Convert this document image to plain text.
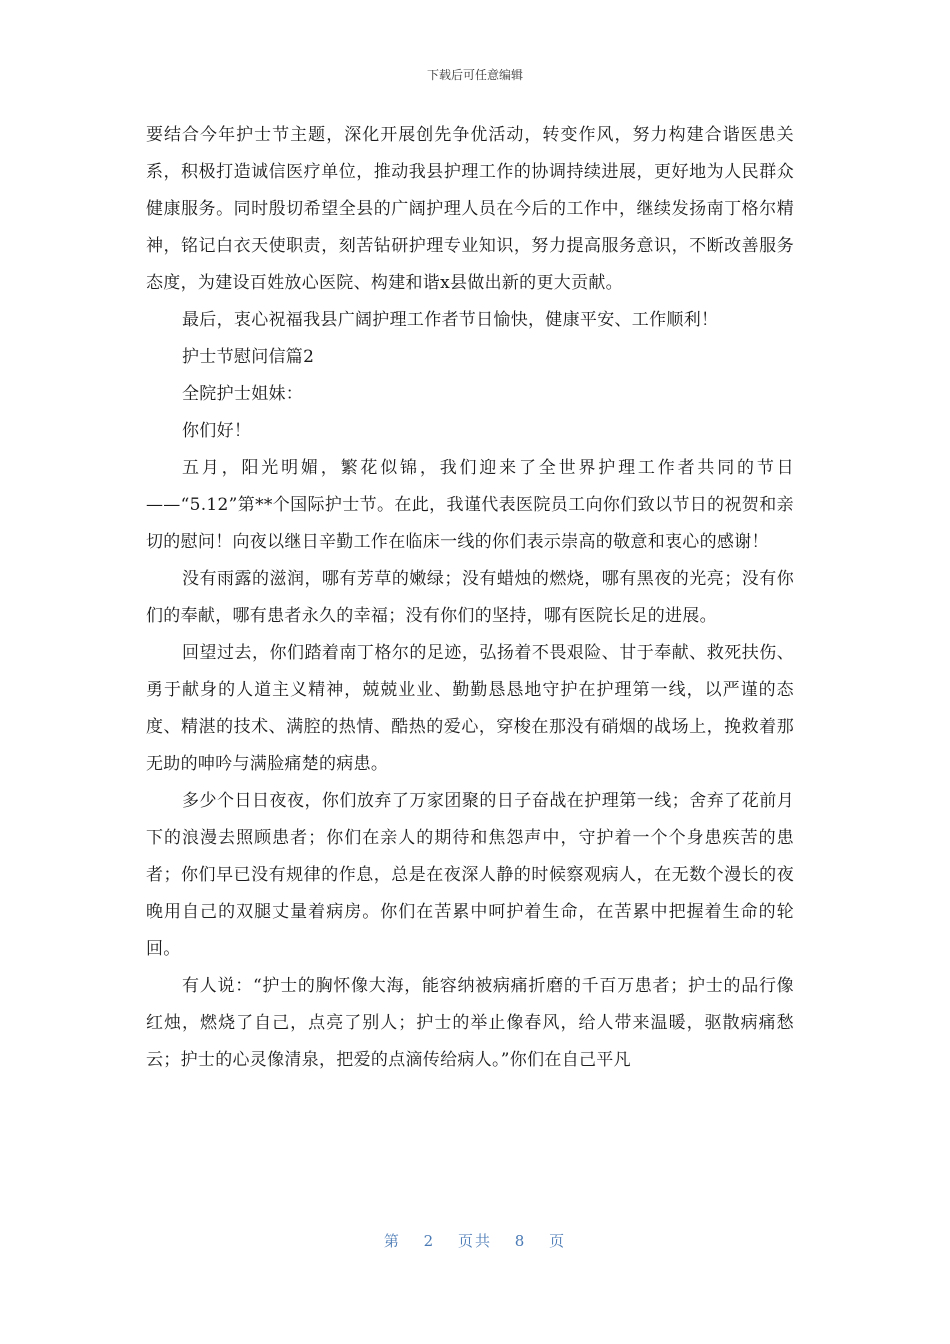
下载后可任意编辑

要结合今年护士节主题，深化开展创先争优活动，转变作风，努力构建合谐医患关系，积极打造诚信医疗单位，推动我县护理工作的协调持续进展，更好地为人民群众健康服务。同时殷切希望全县的广阔护理人员在今后的工作中，继续发扬南丁格尔精神，铭记白衣天使职责，刻苦钻研护理专业知识，努力提高服务意识，不断改善服务态度，为建设百姓放心医院、构建和谐x县做出新的更大贡献。

最后，衷心祝福我县广阔护理工作者节日愉快，健康平安、工作顺利！

护士节慰问信篇2

全院护士姐妹：

你们好！

五月，阳光明媚，繁花似锦，我们迎来了全世界护理工作者共同的节日——“5.12”第**个国际护士节。在此，我谨代表医院员工向你们致以节日的祝贺和亲切的慰问！向夜以继日辛勤工作在临床一线的你们表示崇高的敬意和衷心的感谢！

没有雨露的滋润，哪有芳草的嫩绿；没有蜡烛的燃烧，哪有黑夜的光亮；没有你们的奉献，哪有患者永久的幸福；没有你们的坚持，哪有医院长足的进展。

回望过去，你们踏着南丁格尔的足迹，弘扬着不畏艰险、甘于奉献、救死扶伤、勇于献身的人道主义精神，兢兢业业、勤勤恳恳地守护在护理第一线，以严谨的态度、精湛的技术、满腔的热情、酷热的爱心，穿梭在那没有硝烟的战场上，挽救着那无助的呻吟与满脸痛楚的病患。

多少个日日夜夜，你们放弃了万家团聚的日子奋战在护理第一线；舍弃了花前月下的浪漫去照顾患者；你们在亲人的期待和焦怨声中，守护着一个个身患疾苦的患者；你们早已没有规律的作息，总是在夜深人静的时候察观病人，在无数个漫长的夜晚用自己的双腿丈量着病房。你们在苦累中呵护着生命，在苦累中把握着生命的轮回。

有人说：“护士的胸怀像大海，能容纳被病痛折磨的千百万患者；护士的品行像红烛，燃烧了自己，点亮了别人；护士的举止像春风，给人带来温暖，驱散病痛愁云；护士的心灵像清泉，把爱的点滴传给病人。”你们在自己平凡

第 2 页共 8 页
